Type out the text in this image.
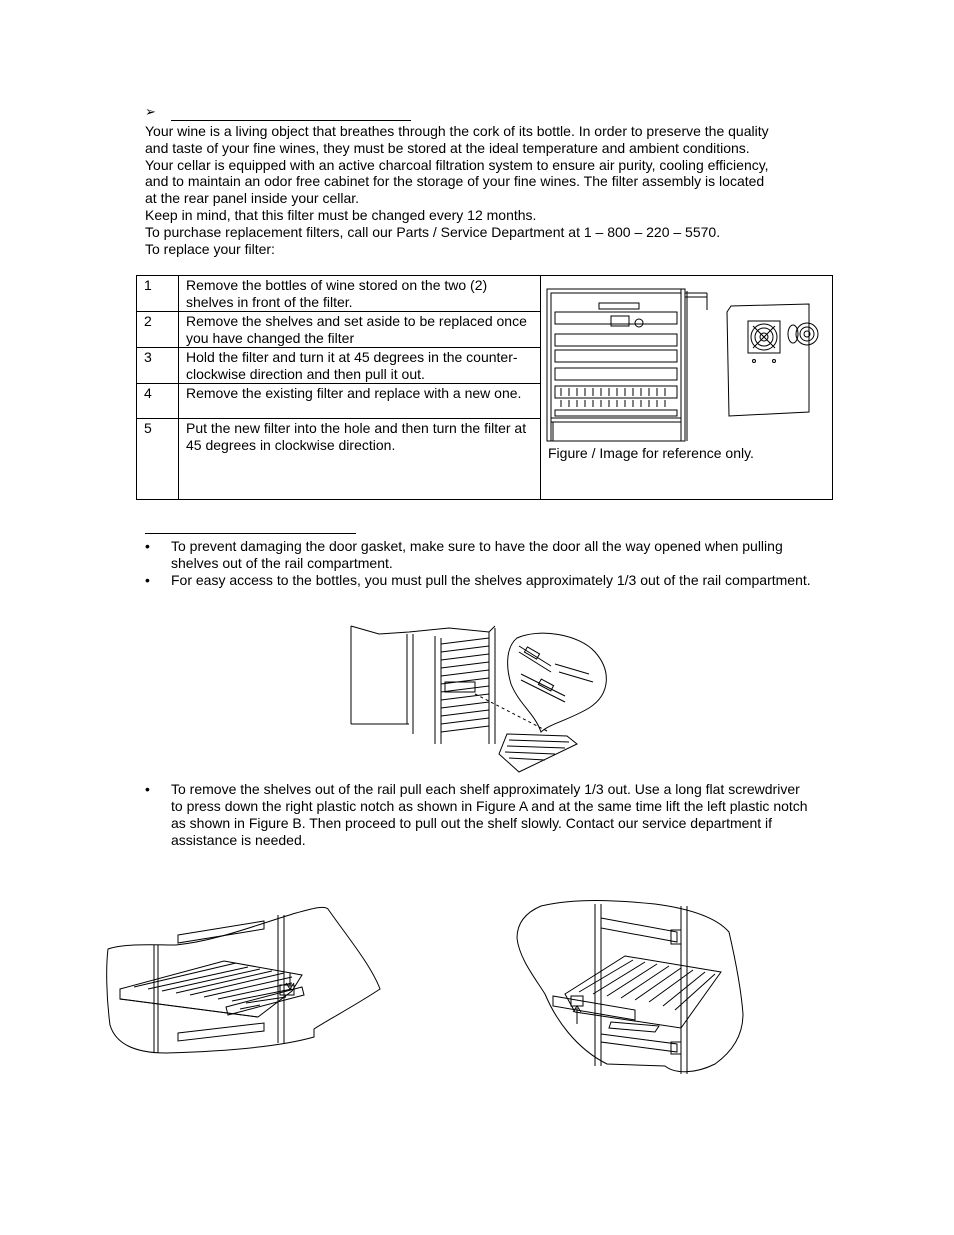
➢
Your wine is a living object that breathes through the cork of its bottle. In order to preserve the quality
and taste of your fine wines, they must be stored at the ideal temperature and ambient conditions.
Your cellar is equipped with an active charcoal filtration system to ensure air purity, cooling efficiency,
and to maintain an odor free cabinet for the storage of your fine wines. The filter assembly is located
at the rear panel inside your cellar.
Keep in mind, that this filter must be changed every 12 months.
To purchase replacement filters, call our Parts / Service Department at 1 – 800 – 220 – 5570.
To replace your filter:
1	Remove the bottles of wine stored on the two (2) shelves in front of the filter.	Figure / Image for reference only.

2	Remove the shelves and set aside to be replaced once you have changed the filter	
3	Hold the filter and turn it at 45 degrees in the counter-clockwise direction and then pull it out.	
4	Remove the existing filter and replace with a new one.	
5	Put the new filter into the hole and then turn the filter at 45 degrees in clockwise direction.	
•	To prevent damaging the door gasket, make sure to have the door all the way opened when pulling shelves out of the rail compartment.
•	For easy access to the bottles, you must pull the shelves approximately 1/3 out of the rail compartment.
•	To remove the shelves out of the rail pull each shelf approximately 1/3 out. Use a long flat screwdriver to press down the right plastic notch as shown in Figure A and at the same time lift the left plastic notch as shown in Figure B. Then proceed to pull out the shelf slowly. Contact our service department if assistance is needed.
